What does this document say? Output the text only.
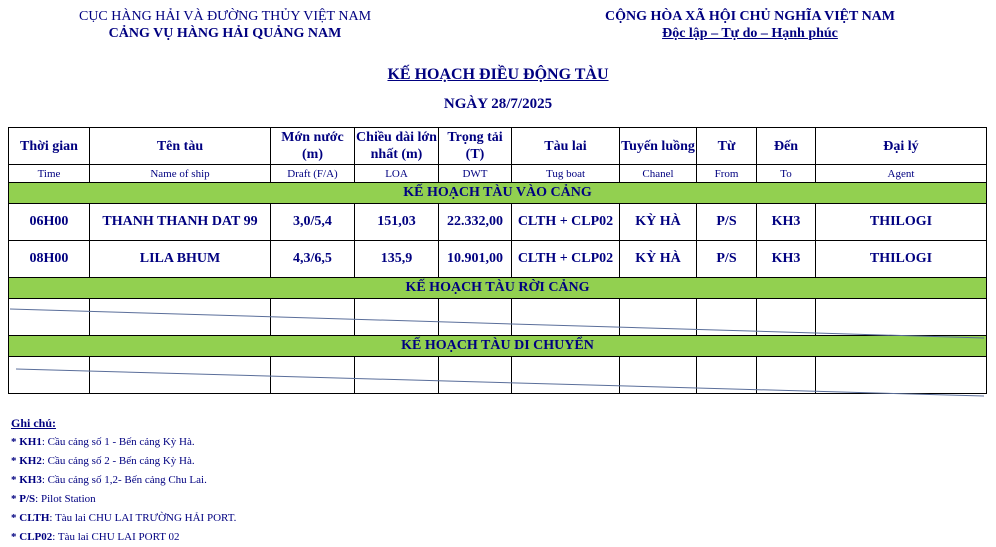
CỤC HÀNG HẢI VÀ ĐƯỜNG THỦY VIỆT NAM
CẢNG VỤ HÀNG HẢI QUẢNG NAM
CỘNG HÒA XÃ HỘI CHỦ NGHĨA VIỆT NAM
Độc lập – Tự do – Hạnh phúc
KẾ HOẠCH ĐIỀU ĐỘNG TÀU
NGÀY 28/7/2025
Thời gian	Tên tàu	Mớn nước (m)	Chiều dài lớn nhất (m)	Trọng tải (T)	Tàu lai	Tuyến luồng	Từ	Đến	Đại lý
Time	Name of ship	Draft (F/A)	LOA	DWT	Tug boat	Chanel	From	To	Agent
KẾ HOẠCH TÀU VÀO CẢNG									
06H00	THANH THANH DAT 99	3,0/5,4	151,03	22.332,00	CLTH + CLP02	KỲ HÀ	P/S	KH3	THILOGI
08H00	LILA BHUM	4,3/6,5	135,9	10.901,00	CLTH + CLP02	KỲ HÀ	P/S	KH3	THILOGI
KẾ HOẠCH TÀU RỜI CẢNG									

KẾ HOẠCH TÀU DI CHUYỂN									

Ghi chú:
* KH1: Cầu cảng số 1 - Bến cảng Kỳ Hà.
* KH2: Cầu cảng số 2 - Bến cảng Kỳ Hà.
* KH3: Cầu cảng số 1,2- Bến cảng Chu Lai.
* P/S: Pilot Station
* CLTH: Tàu lai CHU LAI TRƯỜNG HẢI PORT.
* CLP02: Tàu lai CHU LAI PORT 02
